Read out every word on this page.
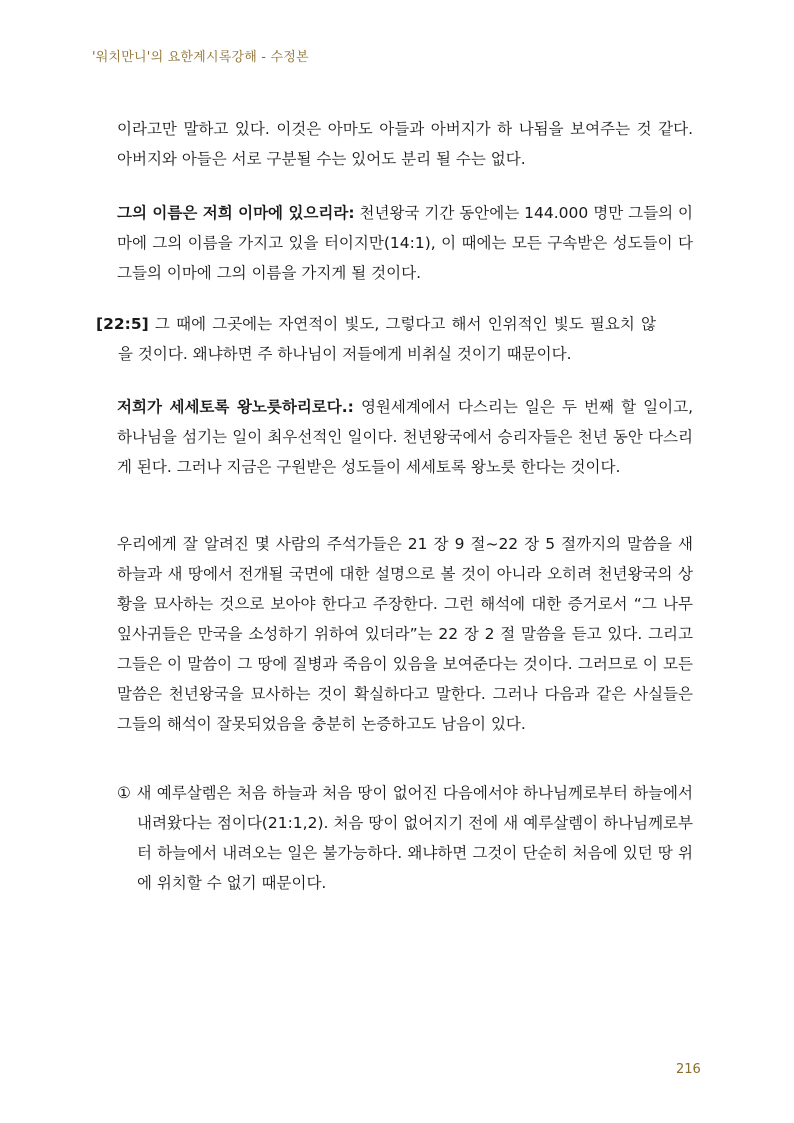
'워치만니'의 요한계시록강해 - 수정본
이라고만 말하고 있다. 이것은 아마도 아들과 아버지가 하 나됨을 보여주는 것 같다. 아버지와 아들은 서로 구분될 수는 있어도 분리 될 수는 없다.
그의 이름은 저희 이마에 있으리라: 천년왕국 기간 동안에는 144.000 명만 그들의 이마에 그의 이름을 가지고 있을 터이지만(14:1), 이 때에는 모든 구속받은 성도들이 다 그들의 이마에 그의 이름을 가지게 될 것이다.
[22:5] 그 때에 그곳에는 자연적이 빛도, 그렇다고 해서 인위적인 빛도 필요치 않을 것이다. 왜냐하면 주 하나님이 저들에게 비취실 것이기 때문이다.
저희가 세세토록 왕노릇하리로다.: 영원세계에서 다스리는 일은 두 번째 할 일이고, 하나님을 섬기는 일이 최우선적인 일이다. 천년왕국에서 승리자들은 천년 동안 다스리게 된다. 그러나 지금은 구원받은 성도들이 세세토록 왕노릇 한다는 것이다.
우리에게 잘 알려진 몇 사람의 주석가들은 21 장 9 절~22 장 5 절까지의 말씀을 새 하늘과 새 땅에서 전개될 국면에 대한 설명으로 볼 것이 아니라 오히려 천년왕국의 상황을 묘사하는 것으로 보아야 한다고 주장한다. 그런 해석에 대한 증거로서 “그 나무 잎사귀들은 만국을 소성하기 위하여 있더라”는 22 장 2 절 말씀을 듣고 있다. 그리고 그들은 이 말씀이 그 땅에 질병과 죽음이 있음을 보여준다는 것이다. 그러므로 이 모든 말씀은 천년왕국을 묘사하는 것이 확실하다고 말한다. 그러나 다음과 같은 사실들은 그들의 해석이 잘못되었음을 충분히 논증하고도 남음이 있다.
① 새 예루살렘은 처음 하늘과 처음 땅이 없어진 다음에서야 하나님께로부터 하늘에서 내려왔다는 점이다(21:1,2). 처음 땅이 없어지기 전에 새 예루살렘이 하나님께로부터 하늘에서 내려오는 일은 불가능하다. 왜냐하면 그것이 단순히 처음에 있던 땅 위에 위치할 수 없기 때문이다.
216
